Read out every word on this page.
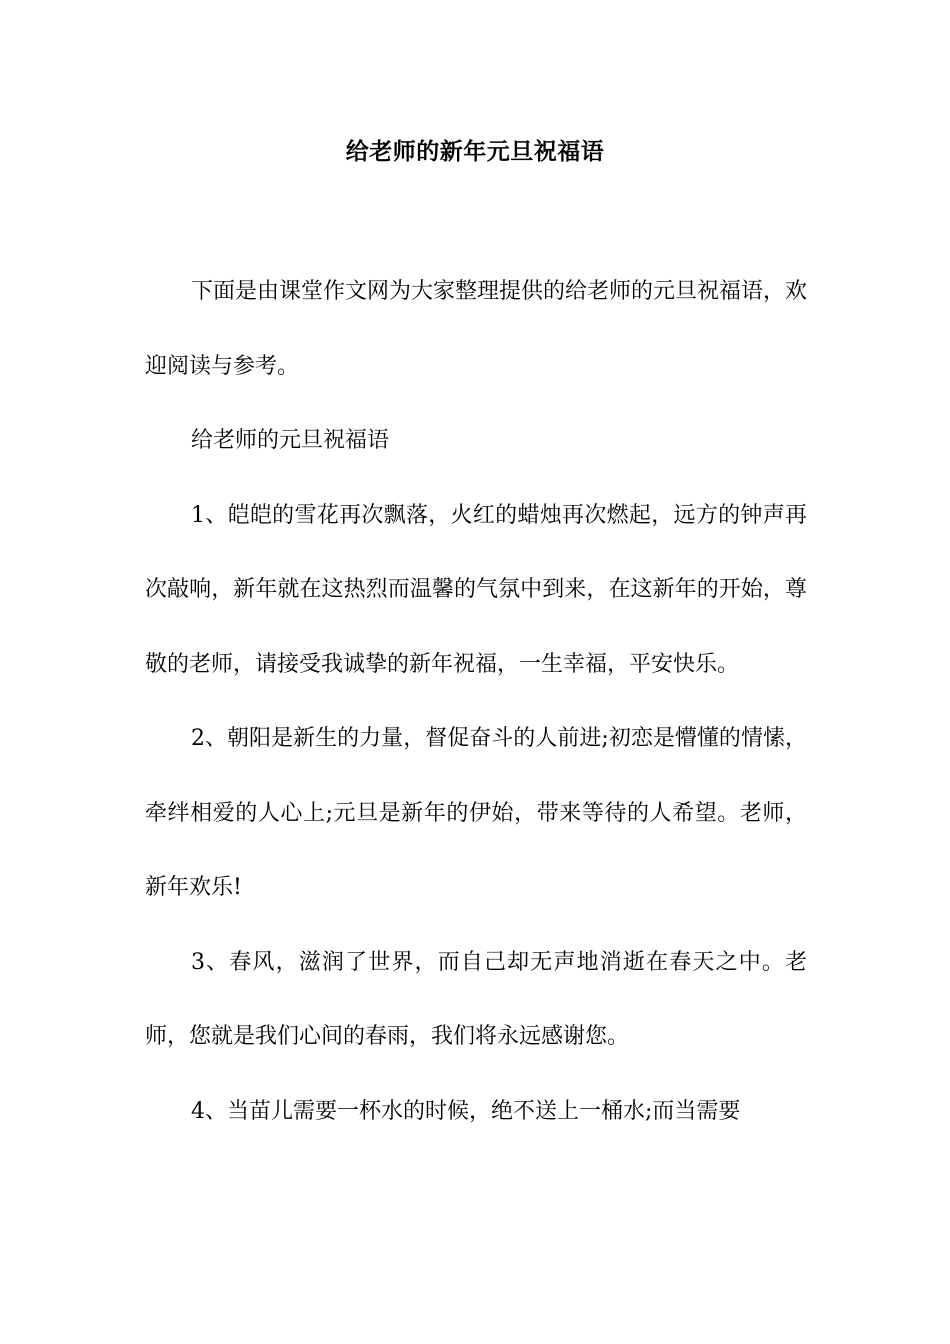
给老师的新年元旦祝福语

下面是由课堂作文网为大家整理提供的给老师的元旦祝福语，欢迎阅读与参考。

给老师的元旦祝福语

1、皑皑的雪花再次飘落，火红的蜡烛再次燃起，远方的钟声再次敲响，新年就在这热烈而温馨的气氛中到来，在这新年的开始，尊敬的老师，请接受我诚挚的新年祝福，一生幸福，平安快乐。

2、朝阳是新生的力量，督促奋斗的人前进;初恋是懵懂的情愫，牵绊相爱的人心上;元旦是新年的伊始，带来等待的人希望。老师，新年欢乐!

3、春风，滋润了世界，而自己却无声地消逝在春天之中。老师，您就是我们心间的春雨，我们将永远感谢您。

4、当苗儿需要一杯水的时候，绝不送上一桶水;而当需要
